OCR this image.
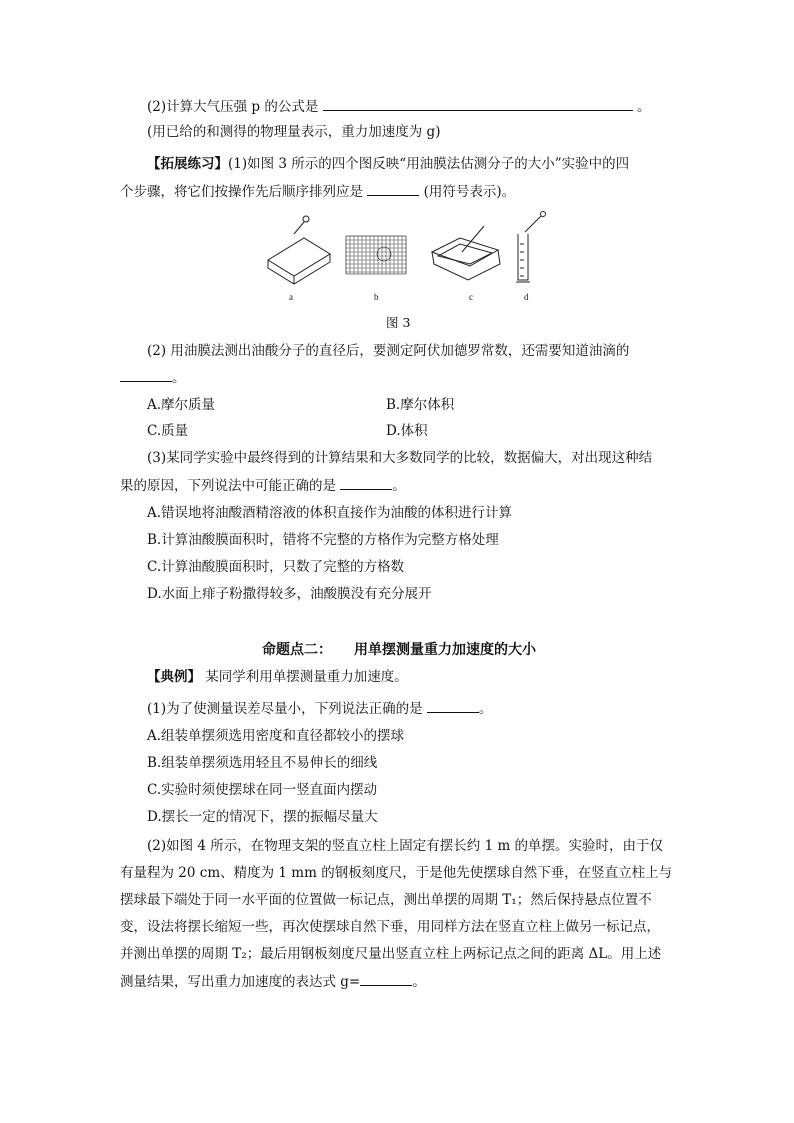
(2)计算大气压强 p 的公式是	。
(用已给的和测得的物理量表示，重力加速度为 g)
【拓展练习】(1)如图 3 所示的四个图反映“用油膜法估测分子的大小”实验中的四
个步骤，将它们按操作先后顺序排列应是	(用符号表示)。
a	b	c	d
图 3
(2) 用油膜法测出油酸分子的直径后，要测定阿伏加德罗常数，还需要知道油滴的
。
A.摩尔质量	B.摩尔体积
C.质量	D.体积
(3)某同学实验中最终得到的计算结果和大多数同学的比较，数据偏大，对出现这种结
果的原因，下列说法中可能正确的是	。
A.错误地将油酸酒精溶液的体积直接作为油酸的体积进行计算
B.计算油酸膜面积时，错将不完整的方格作为完整方格处理
C.计算油酸膜面积时，只数了完整的方格数
D.水面上痱子粉撒得较多，油酸膜没有充分展开
命题点二： 用单摆测量重力加速度的大小
【典例】 某同学利用单摆测量重力加速度。
(1)为了使测量误差尽量小，下列说法正确的是	。
A.组装单摆须选用密度和直径都较小的摆球
B.组装单摆须选用轻且不易伸长的细线
C.实验时须使摆球在同一竖直面内摆动
D.摆长一定的情况下，摆的振幅尽量大
(2)如图 4 所示，在物理支架的竖直立柱上固定有摆长约 1 m 的单摆。实验时，由于仅
有量程为 20 cm、精度为 1 mm 的钢板刻度尺，于是他先使摆球自然下垂，在竖直立柱上与
摆球最下端处于同一水平面的位置做一标记点，测出单摆的周期 T₁；然后保持悬点位置不
变，设法将摆长缩短一些，再次使摆球自然下垂，用同样方法在竖直立柱上做另一标记点，
并测出单摆的周期 T₂；最后用钢板刻度尺量出竖直立柱上两标记点之间的距离 ΔL。用上述
测量结果，写出重力加速度的表达式 g=	。
